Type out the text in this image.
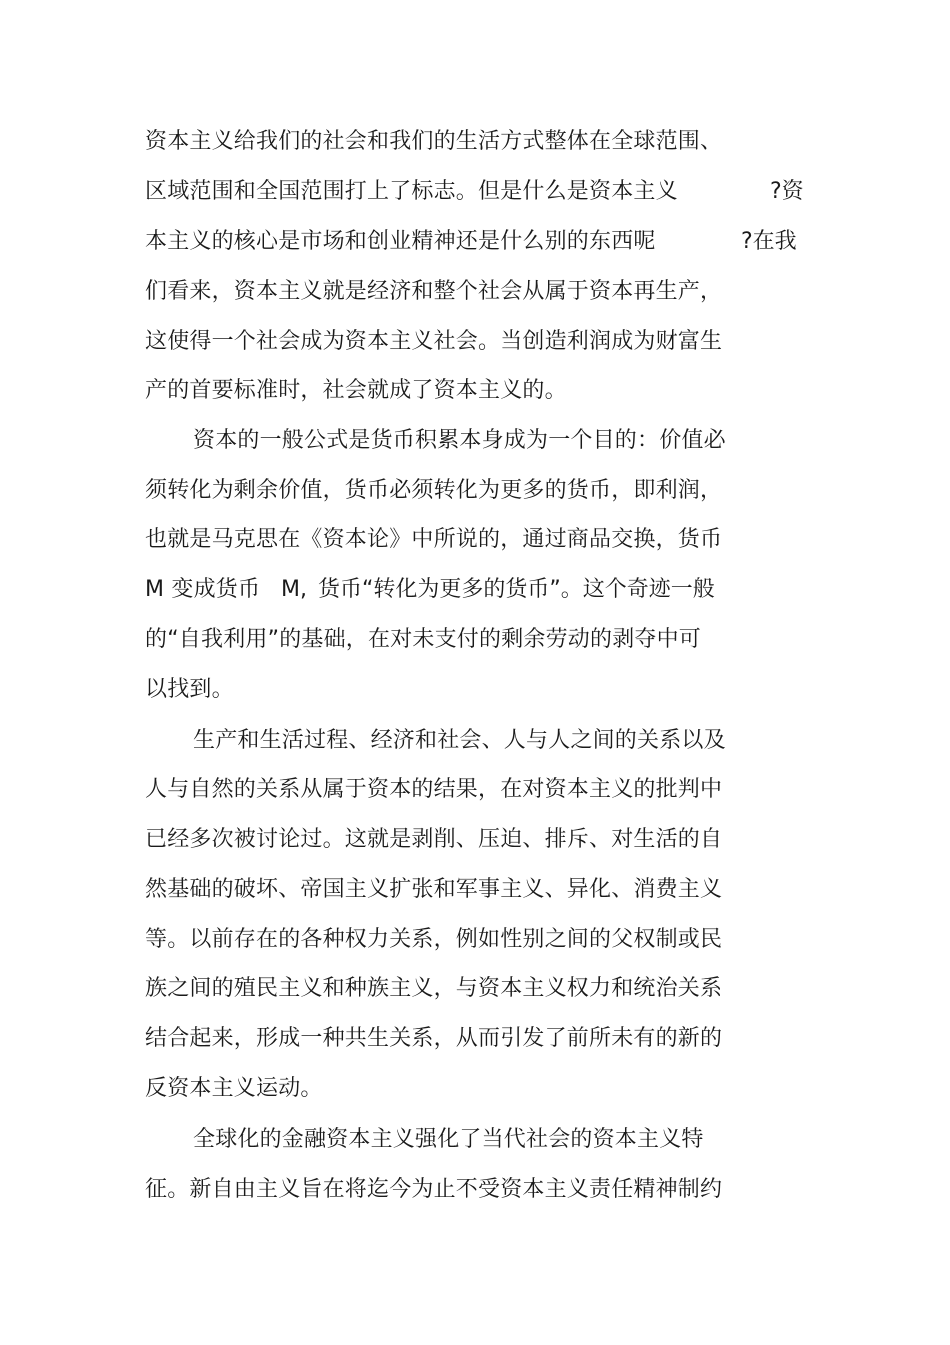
资本主义给我们的社会和我们的生活方式整体在全球范围、
区域范围和全国范围打上了标志。但是什么是资本主义	?资
本主义的核心是市场和创业精神还是什么别的东西呢	?在我
们看来，资本主义就是经济和整个社会从属于资本再生产，
这使得一个社会成为资本主义社会。当创造利润成为财富生
产的首要标准时，社会就成了资本主义的。
资本的一般公式是货币积累本身成为一个目的：价值必
须转化为剩余价值，货币必须转化为更多的货币，即利润，
也就是马克思在《资本论》中所说的，通过商品交换，货币
M 变成货币 M, 货币“转化为更多的货币”。这个奇迹一般
的“自我利用”的基础，在对未支付的剩余劳动的剥夺中可
以找到。
生产和生活过程、经济和社会、人与人之间的关系以及
人与自然的关系从属于资本的结果，在对资本主义的批判中
已经多次被讨论过。这就是剥削、压迫、排斥、对生活的自
然基础的破坏、帝国主义扩张和军事主义、异化、消费主义
等。以前存在的各种权力关系，例如性别之间的父权制或民
族之间的殖民主义和种族主义，与资本主义权力和统治关系
结合起来，形成一种共生关系，从而引发了前所未有的新的
反资本主义运动。
全球化的金融资本主义强化了当代社会的资本主义特
征。新自由主义旨在将迄今为止不受资本主义责任精神制约
